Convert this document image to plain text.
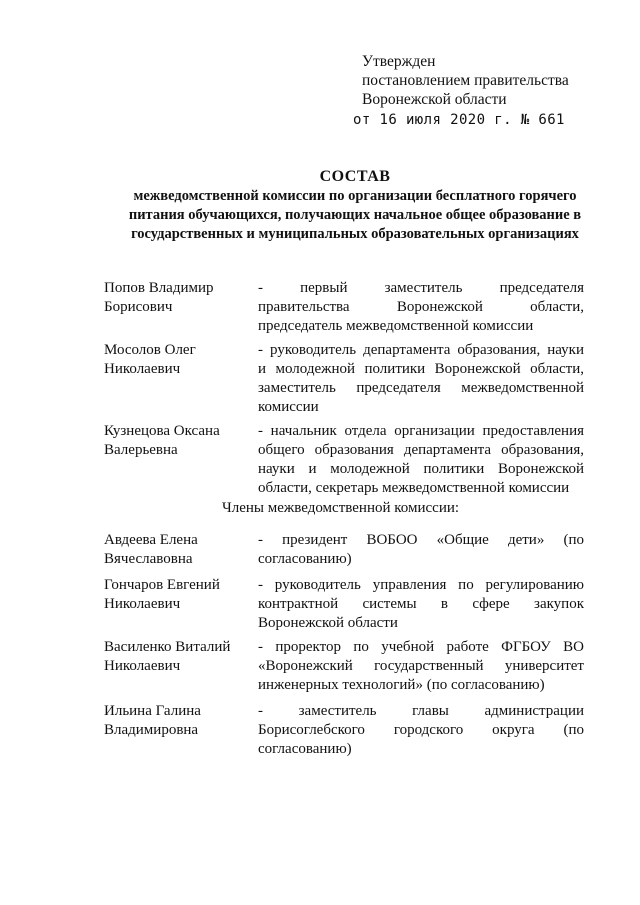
Утвержден
постановлением правительства
Воронежской области
от 16 июля 2020 г. № 661
СОСТАВ
межведомственной комиссии по организации бесплатного горячего
питания обучающихся, получающих начальное общее образование в
государственных и муниципальных образовательных организациях
Попов Владимир
Борисович
- первый заместитель председателя
правительства Воронежской области,
председатель межведомственной комиссии
Мосолов Олег
Николаевич
- руководитель департамента образования, науки
и молодежной политики Воронежской области,
заместитель председателя межведомственной
комиссии
Кузнецова Оксана
Валерьевна
- начальник отдела организации предоставления
общего образования департамента образования,
науки и молодежной политики Воронежской
области, секретарь межведомственной комиссии
Члены межведомственной комиссии:
Авдеева Елена
Вячеславовна
- президент ВОБОО «Общие дети» (по
согласованию)
Гончаров Евгений
Николаевич
- руководитель управления по регулированию
контрактной системы в сфере закупок
Воронежской области
Василенко Виталий
Николаевич
- проректор по учебной работе ФГБОУ ВО
«Воронежский государственный университет
инженерных технологий» (по согласованию)
Ильина Галина
Владимировна
- заместитель главы администрации
Борисоглебского городского округа (по
согласованию)
